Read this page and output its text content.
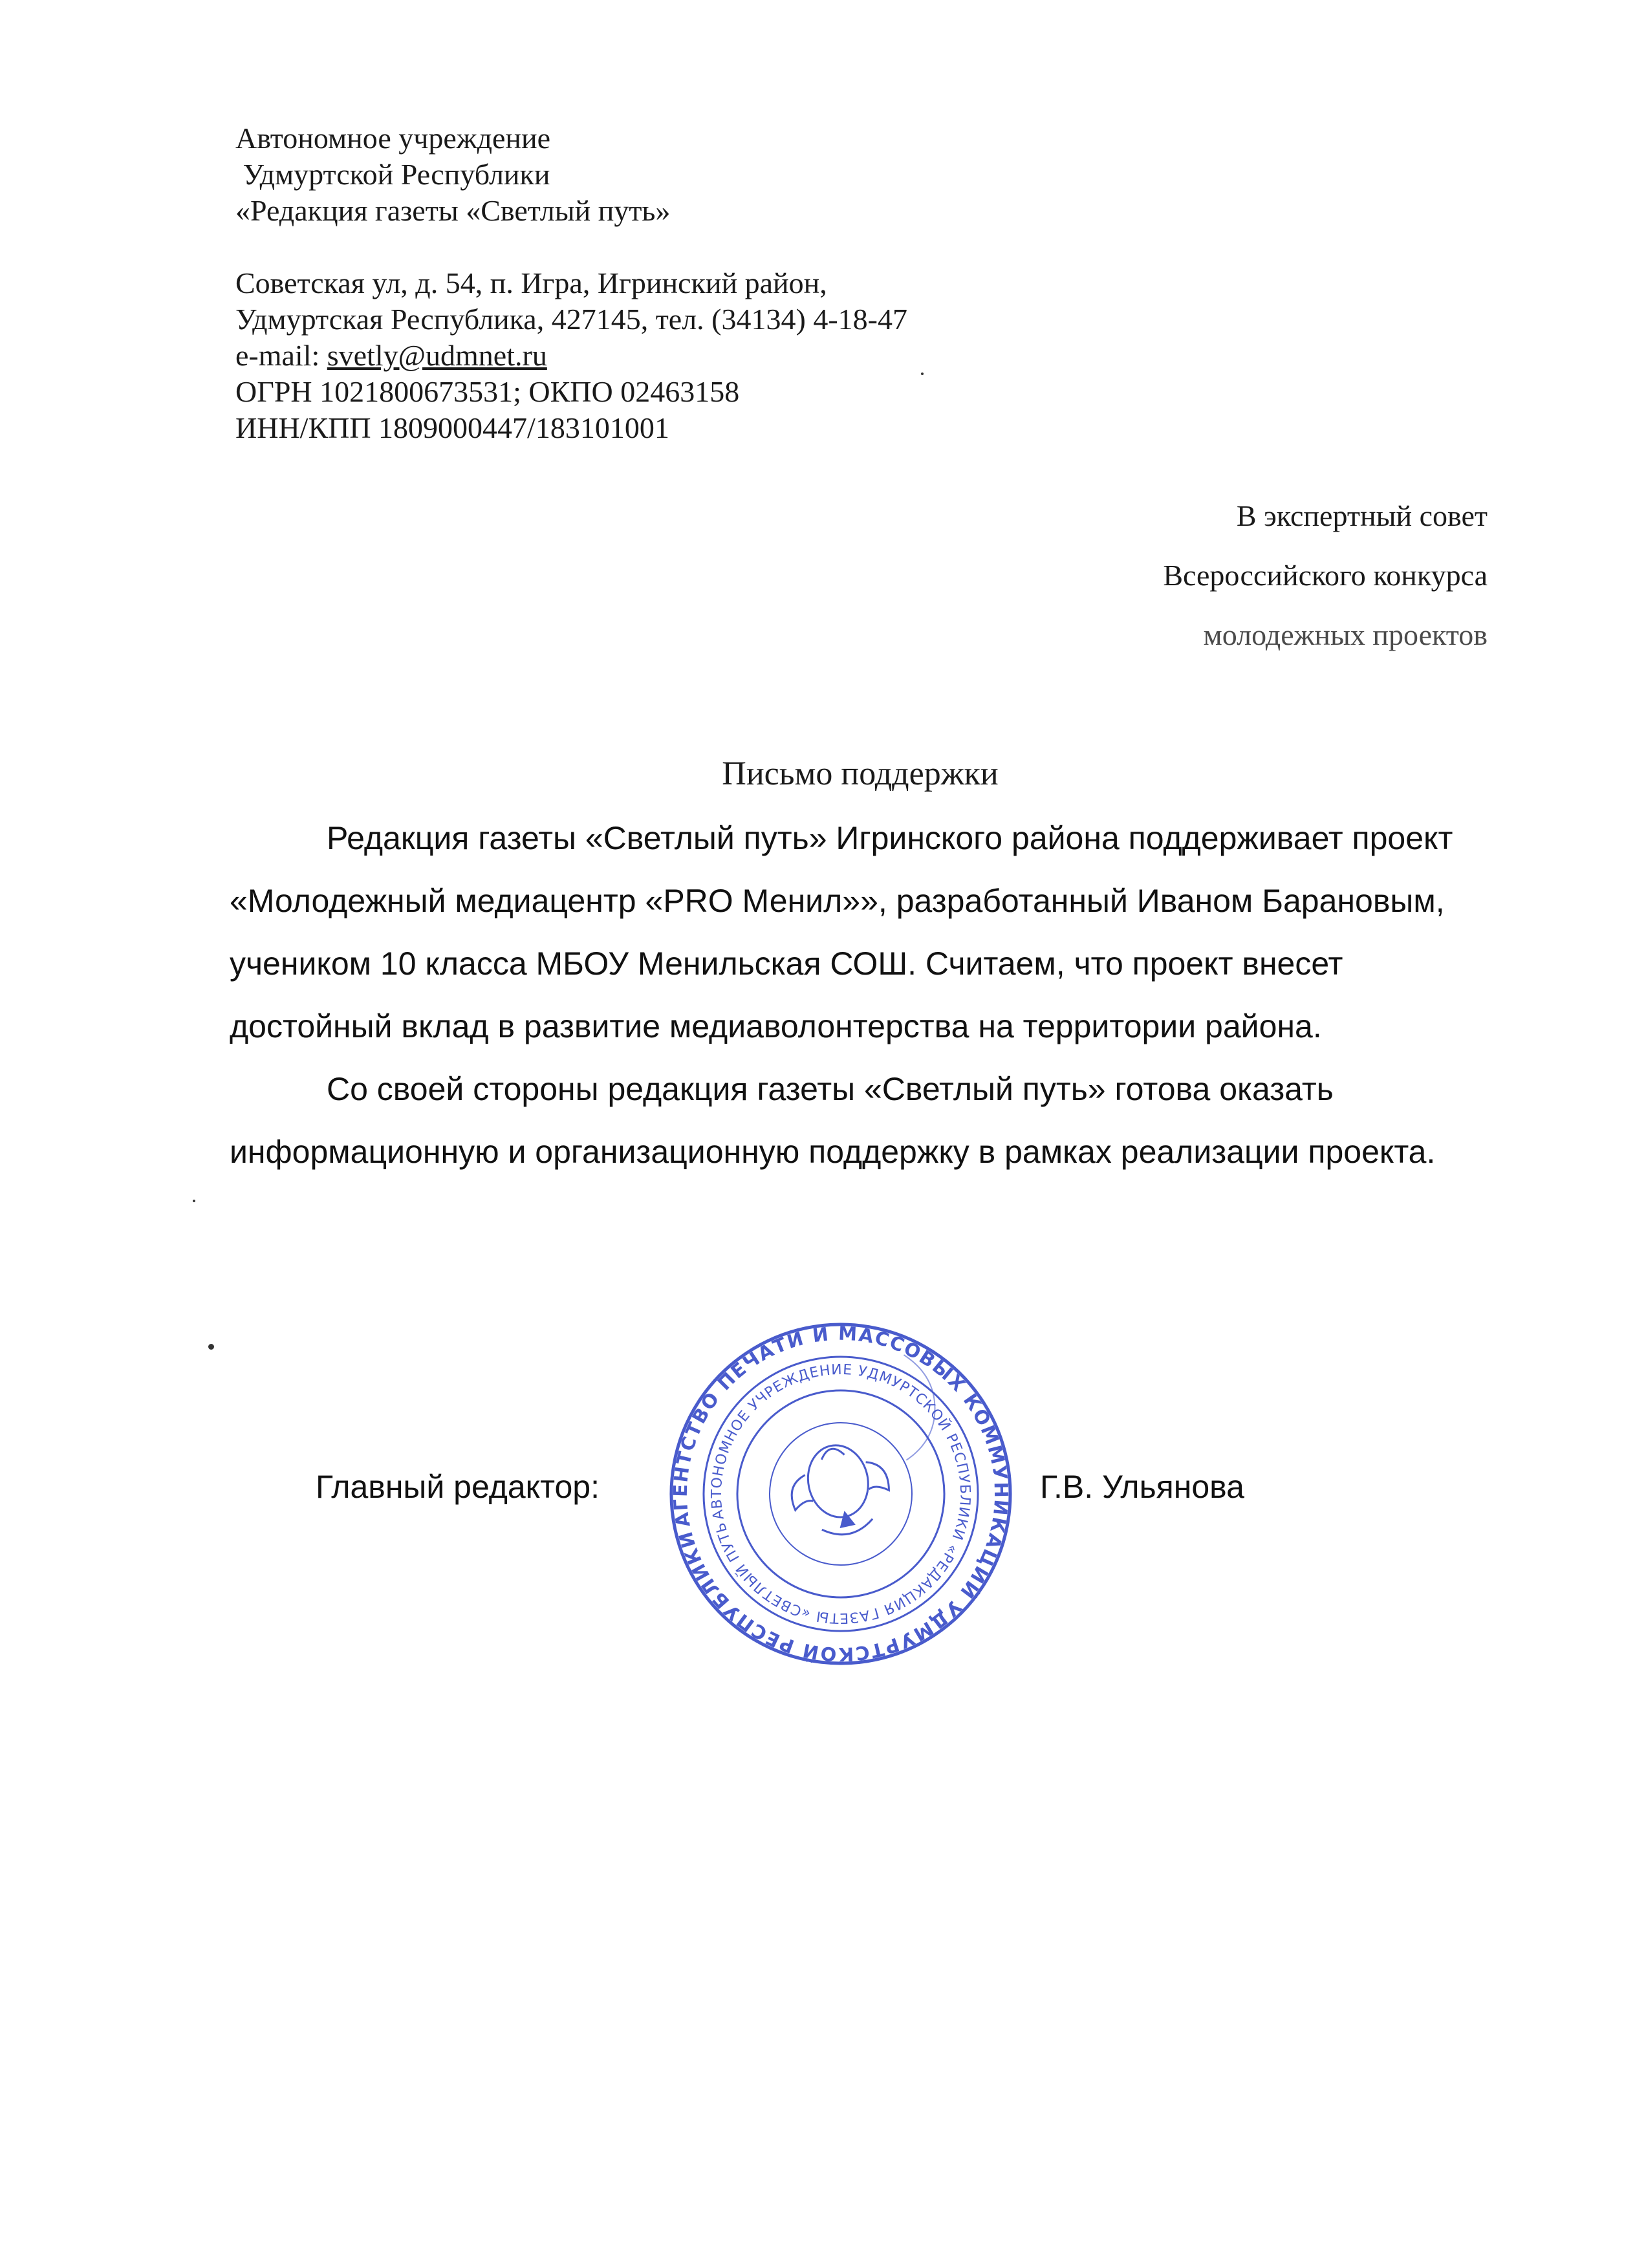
Автономное учреждение
Удмуртской Республики
«Редакция газеты «Светлый путь»
Советская ул, д. 54, п. Игра, Игринский район,
Удмуртская Республика, 427145, тел. (34134) 4-18-47
e-mail: svetly@udmnet.ru
ОГРН 1021800673531; ОКПО 02463158
ИНН/КПП 1809000447/183101001
В экспертный совет
Всероссийского конкурса
молодежных проектов
Письмо поддержки

Редакция газеты «Светлый путь» Игринского района поддерживает проект «Молодежный медиацентр «PRO Менил»», разработанный Иваном Барановым, учеником 10 класса МБОУ Менильская СОШ. Считаем, что проект внесет достойный вклад в развитие медиаволонтерства на территории района.

Со своей стороны редакция газеты «Светлый путь» готова оказать информационную и организационную поддержку в рамках реализации проекта.

АГЕНТСТВО ПЕЧАТИ И МАССОВЫХ КОММУНИКАЦИЙ УДМУРТСКОЙ РЕСПУБЛИКИ
АВТОНОМНОЕ УЧРЕЖДЕНИЕ УДМУРТСКОЙ РЕСПУБЛИКИ «РЕДАКЦИЯ ГАЗЕТЫ «СВЕТЛЫЙ ПУТЬ»
Главный редактор:	Г.В. Ульянова
